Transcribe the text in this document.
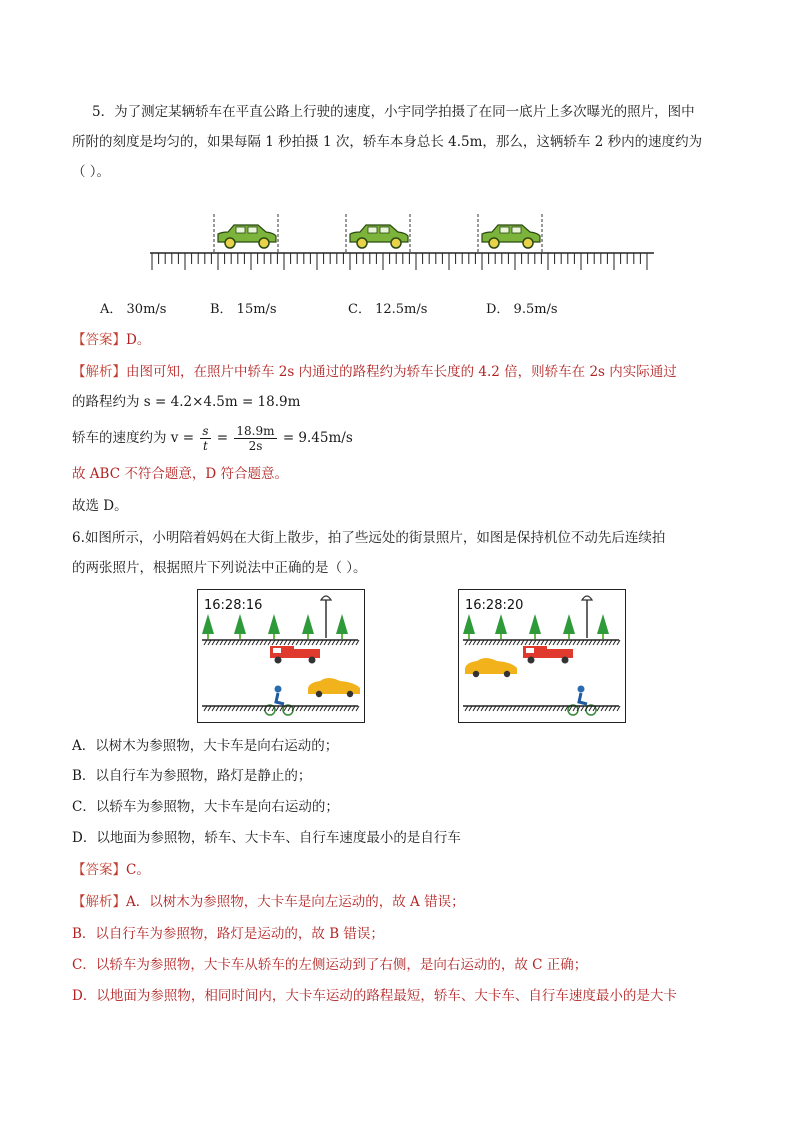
5．为了测定某辆轿车在平直公路上行驶的速度，小宇同学拍摄了在同一底片上多次曝光的照片，图中
所附的刻度是均匀的，如果每隔 1 秒拍摄 1 次，轿车本身总长 4.5m，那么，这辆轿车 2 秒内的速度约为
（ ）。
A． 30m/s	B． 15m/s	C． 12.5m/s	D． 9.5m/s
【答案】D。
【解析】由图可知，在照片中轿车 2s 内通过的路程约为轿车长度的 4.2 倍，则轿车在 2s 内实际通过
的路程约为 s = 4.2×4.5m = 18.9m
轿车的速度约为 $v = \frac{s}{t} = \frac{18.9m}{2s} = 9.45m/s$
故 ABC 不符合题意，D 符合题意。
故选 D。
6.如图所示，小明陪着妈妈在大街上散步，拍了些远处的街景照片，如图是保持机位不动先后连续拍
的两张照片，根据照片下列说法中正确的是（ ）。
16:28:16	16:28:20
A．以树木为参照物，大卡车是向右运动的；
B．以自行车为参照物，路灯是静止的；
C．以轿车为参照物，大卡车是向右运动的；
D．以地面为参照物，轿车、大卡车、自行车速度最小的是自行车
【答案】C。
【解析】A．以树木为参照物，大卡车是向左运动的，故 A 错误；
B．以自行车为参照物，路灯是运动的，故 B 错误；
C．以轿车为参照物，大卡车从轿车的左侧运动到了右侧，是向右运动的，故 C 正确；
D．以地面为参照物，相同时间内，大卡车运动的路程最短，轿车、大卡车、自行车速度最小的是大卡
